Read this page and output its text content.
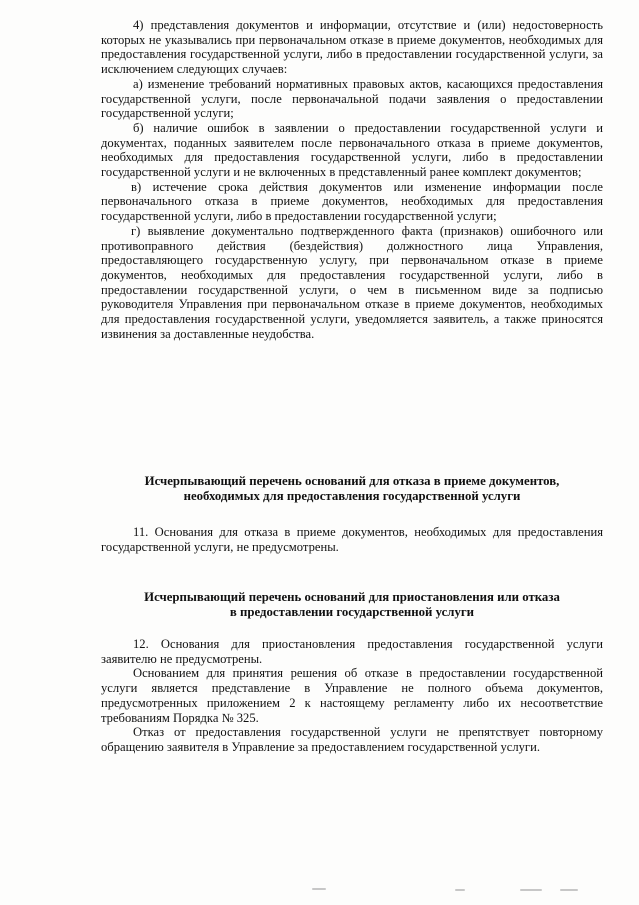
4) представления документов и информации, отсутствие и (или) недостоверность которых не указывались при первоначальном отказе в приеме документов, необходимых для предоставления государственной услуги, либо в предоставлении государственной услуги, за исключением следующих случаев:

а) изменение требований нормативных правовых актов, касающихся предоставления государственной услуги, после первоначальной подачи заявления о предоставлении государственной услуги;

б) наличие ошибок в заявлении о предоставлении государственной услуги и документах, поданных заявителем после первоначального отказа в приеме документов, необходимых для предоставления государственной услуги, либо в предоставлении государственной услуги и не включенных в представленный ранее комплект документов;

в) истечение срока действия документов или изменение информации после первоначального отказа в приеме документов, необходимых для предоставления государственной услуги, либо в предоставлении государственной услуги;

г) выявление документально подтвержденного факта (признаков) ошибочного или противоправного действия (бездействия) должностного лица Управления, предоставляющего государственную услугу, при первоначальном отказе в приеме документов, необходимых для предоставления государственной услуги, либо в предоставлении государственной услуги, о чем в письменном виде за подписью руководителя Управления при первоначальном отказе в приеме документов, необходимых для предоставления государственной услуги, уведомляется заявитель, а также приносятся извинения за доставленные неудобства.

Исчерпывающий перечень оснований для отказа в приеме документов,
необходимых для предоставления государственной услуги

11. Основания для отказа в приеме документов, необходимых для предоставления государственной услуги, не предусмотрены.

Исчерпывающий перечень оснований для приостановления или отказа
в предоставлении государственной услуги

12. Основания для приостановления предоставления государственной услуги заявителю не предусмотрены.

Основанием для принятия решения об отказе в предоставлении государственной услуги является представление в Управление не полного объема документов, предусмотренных приложением 2 к настоящему регламенту либо их несоответствие требованиям Порядка № 325.

Отказ от предоставления государственной услуги не препятствует повторному обращению заявителя в Управление за предоставлением государственной услуги.
